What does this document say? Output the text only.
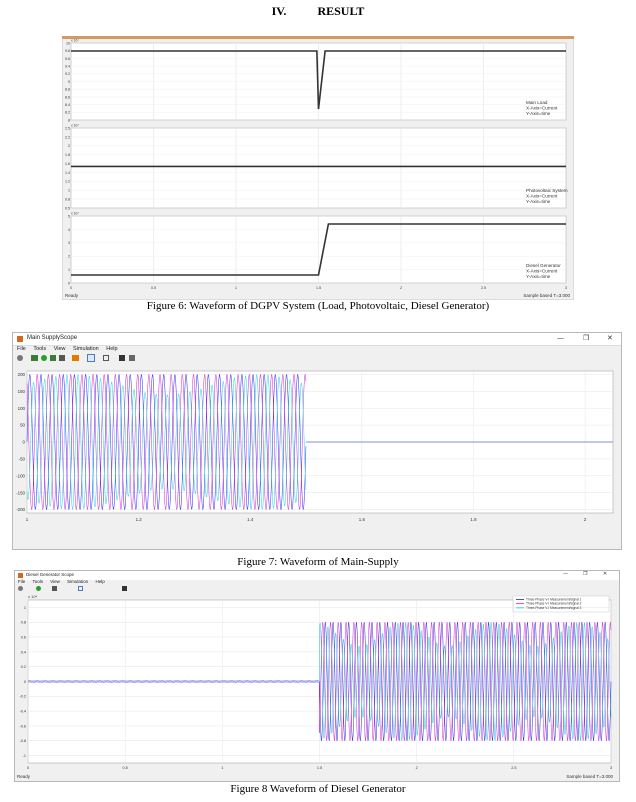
IV.	RESULT
Ready	Sample based T=3.000
10
9.8
9.6
9.4
9.2
9
8.8
8.6
8.4
8.2
8
x 10⁴
Main Load
X-Axis=Current
Y-Axis=time
2.5
2.2
2
1.8
1.6
1.4
1.2
1
0.8
0.5
x 10⁴
Photovoltaic System
X-Axis=Current
Y-Axis=time
5
4
3
2
1
0
x 10⁴
Diesel Generator
X-Axis=Current
Y-Axis=time
0	0.5	1	1.5	2	2.5	3
Figure 6: Waveform of DGPV System (Load, Photovoltaic, Diesel Generator)
Main SupplyScope	—	❐	✕
File Tools View Simulation Help
200
150
100
50
0
-50
-100
-150
-200
1	1.2	1.4	1.6	1.8	2
Figure 7: Waveform of Main-Supply
Diesel Generator Scope	—	❐	✕
File Tools View Simulation Help
x 10⁴
Ready	Sample based T=3.000
1
0.8
0.6
0.4
0.2
0
-0.2
-0.4
-0.6
-0.8
-1
0	0.5	1	1.5	2	2.5	3
Three-Phase V-I Measurement/signal 1
Three-Phase V-I Measurement/signal 2
Three-Phase V-I Measurement/signal 3
Figure 8 Waveform of Diesel Generator
